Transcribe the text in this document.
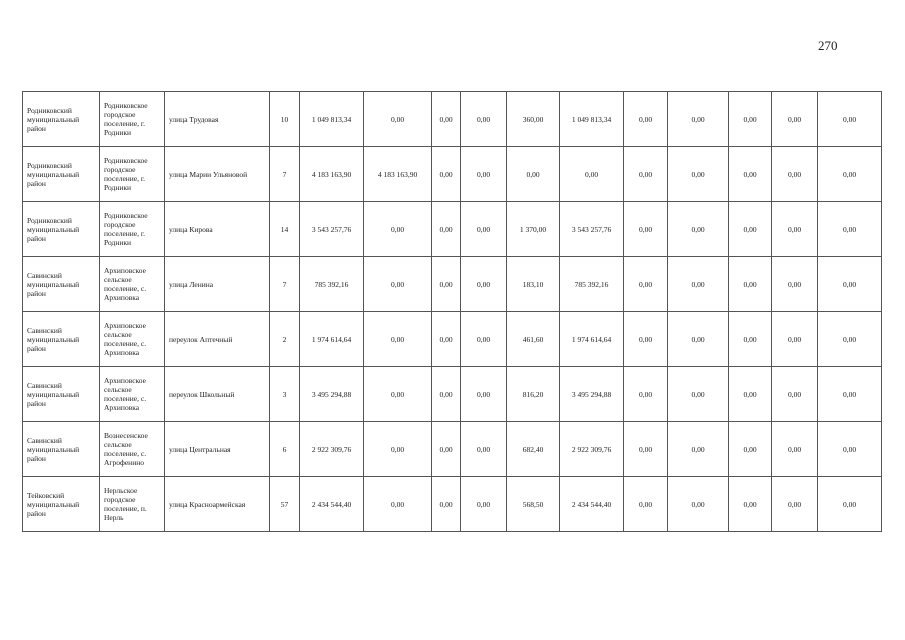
270
Родниковский муниципальный район	Родниковское городское поселение, г. Родники	улица Трудовая	10	1 049 813,34	0,00	0,00	0,00	360,00	1 049 813,34	0,00	0,00	0,00	0,00	0,00
Родниковский муниципальный район	Родниковское городское поселение, г. Родники	улица Марии Ульяновой	7	4 183 163,90	4 183 163,90	0,00	0,00	0,00	0,00	0,00	0,00	0,00	0,00	0,00
Родниковский муниципальный район	Родниковское городское поселение, г. Родники	улица Кирова	14	3 543 257,76	0,00	0,00	0,00	1 370,00	3 543 257,76	0,00	0,00	0,00	0,00	0,00
Савинский муниципальный район	Архиповское сельское поселение, с. Архиповка	улица Ленина	7	785 392,16	0,00	0,00	0,00	183,10	785 392,16	0,00	0,00	0,00	0,00	0,00
Савинский муниципальный район	Архиповское сельское поселение, с. Архиповка	переулок Аптечный	2	1 974 614,64	0,00	0,00	0,00	461,60	1 974 614,64	0,00	0,00	0,00	0,00	0,00
Савинский муниципальный район	Архиповское сельское поселение, с. Архиповка	переулок Школьный	3	3 495 294,88	0,00	0,00	0,00	816,20	3 495 294,88	0,00	0,00	0,00	0,00	0,00
Савинский муниципальный район	Вознесенское сельское поселение, с. Агрофенино	улица Центральная	6	2 922 309,76	0,00	0,00	0,00	682,40	2 922 309,76	0,00	0,00	0,00	0,00	0,00
Тейковский муниципальный район	Нерльское городское поселение, п. Нерль	улица Красноармейская	57	2 434 544,40	0,00	0,00	0,00	568,50	2 434 544,40	0,00	0,00	0,00	0,00	0,00
